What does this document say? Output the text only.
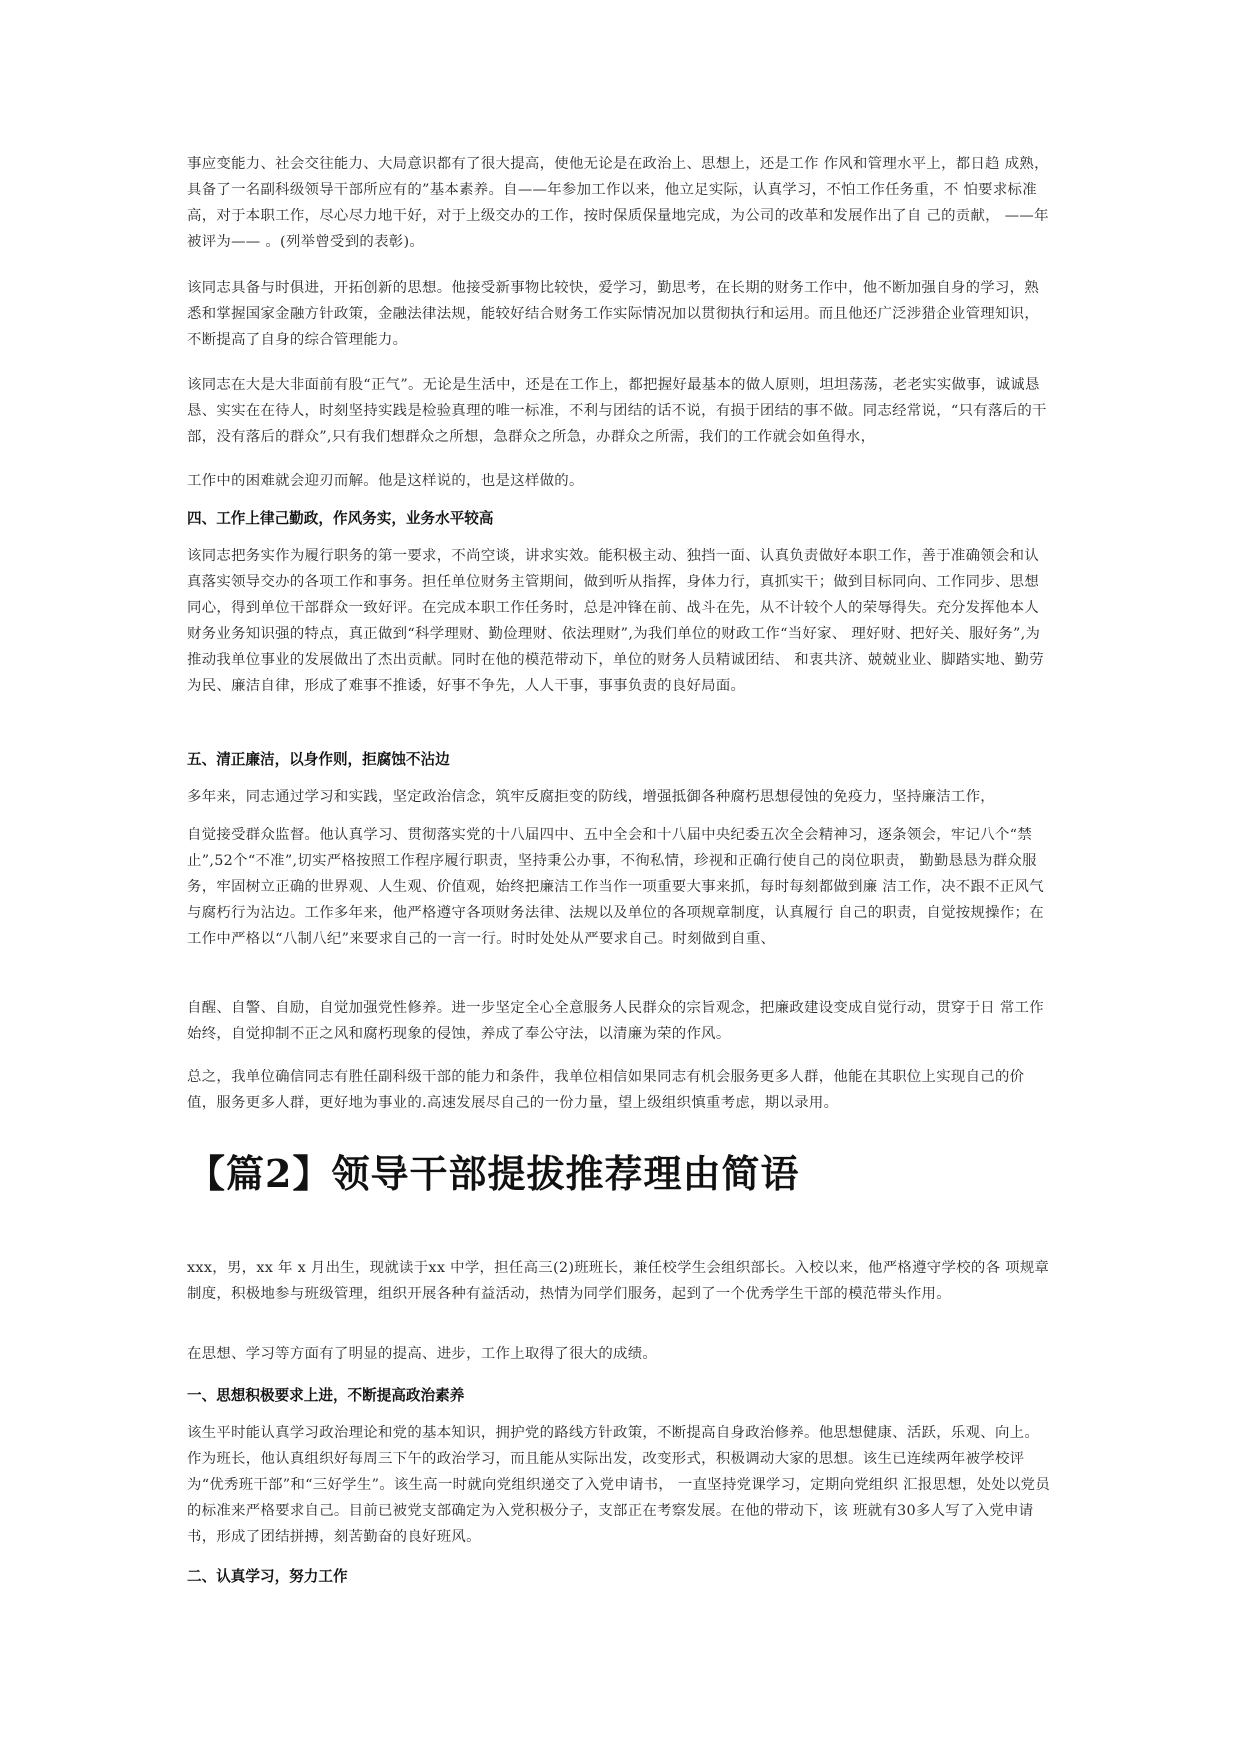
事应变能力、社会交往能力、大局意识都有了很大提高，使他无论是在政治上、思想上，还是工作 作风和管理水平上，都日趋 成熟，具备了一名副科级领导干部所应有的”基本素养。自——年参加工作以来，他立足实际，认真学习，不怕工作任务重，不 怕要求标准高，对于本职工作，尽心尽力地干好，对于上级交办的工作，按时保质保量地完成，为公司的改革和发展作出了自 己的贡献， ——年被评为—— 。(列举曾受到的表彰)。

该同志具备与时俱进，开拓创新的思想。他接受新事物比较快，爱学习，勤思考，在长期的财务工作中，他不断加强自身的学习，熟悉和掌握国家金融方针政策，金融法律法规，能较好结合财务工作实际情况加以贯彻执行和运用。而且他还广泛涉猎企业管理知识，不断提高了自身的综合管理能力。

该同志在大是大非面前有股“正气”。无论是生活中，还是在工作上，都把握好最基本的做人原则，坦坦荡荡，老老实实做事，诚诚恳恳、实实在在待人，时刻坚持实践是检验真理的唯一标准，不利与团结的话不说，有损于团结的事不做。同志经常说，“只有落后的干部，没有落后的群众”,只有我们想群众之所想，急群众之所急，办群众之所需，我们的工作就会如鱼得水，

工作中的困难就会迎刃而解。他是这样说的，也是这样做的。

四、工作上律己勤政，作风务实，业务水平较高

该同志把务实作为履行职务的第一要求，不尚空谈，讲求实效。能积极主动、独挡一面、认真负责做好本职工作，善于准确领会和认真落实领导交办的各项工作和事务。担任单位财务主管期间，做到听从指挥，身体力行，真抓实干；做到目标同向、工作同步、思想同心，得到单位干部群众一致好评。在完成本职工作任务时，总是冲锋在前、战斗在先，从不计较个人的荣辱得失。充分发挥他本人财务业务知识强的特点，真正做到“科学理财、勤俭理财、依法理财”,为我们单位的财政工作“当好家、 理好财、把好关、服好务”,为推动我单位事业的发展做出了杰出贡献。同时在他的模范带动下，单位的财务人员精诚团结、 和衷共济、兢兢业业、脚踏实地、勤劳为民、廉洁自律，形成了难事不推诿，好事不争先，人人干事，事事负责的良好局面。

五、清正廉洁，以身作则，拒腐蚀不沾边

多年来，同志通过学习和实践，坚定政治信念，筑牢反腐拒变的防线，增强抵御各种腐朽思想侵蚀的免疫力，坚持廉洁工作，

自觉接受群众监督。他认真学习、贯彻落实党的十八届四中、五中全会和十八届中央纪委五次全会精神习，逐条领会，牢记八个“禁止”,52个“不准”,切实严格按照工作程序履行职责，坚持秉公办事，不徇私情，珍视和正确行使自己的岗位职责， 勤勤恳恳为群众服务，牢固树立正确的世界观、人生观、价值观，始终把廉洁工作当作一项重要大事来抓，每时每刻都做到廉 洁工作，决不跟不正风气与腐朽行为沾边。工作多年来，他严格遵守各项财务法律、法规以及单位的各项规章制度，认真履行 自己的职责，自觉按规操作；在工作中严格以“八制八纪”来要求自己的一言一行。时时处处从严要求自己。时刻做到自重、

自醒、自警、自励，自觉加强党性修养。进一步坚定全心全意服务人民群众的宗旨观念，把廉政建设变成自觉行动，贯穿于日 常工作始终，自觉抑制不正之风和腐朽现象的侵蚀，养成了奉公守法，以清廉为荣的作风。

总之，我单位确信同志有胜任副科级干部的能力和条件，我单位相信如果同志有机会服务更多人群，他能在其职位上实现自己的价值，服务更多人群，更好地为事业的.高速发展尽自己的一份力量，望上级组织慎重考虑，期以录用。

【篇2】领导干部提拔推荐理由简语

xxx，男，xx 年 x 月出生，现就读于xx 中学，担任高三(2)班班长，兼任校学生会组织部长。入校以来，他严格遵守学校的各 项规章制度，积极地参与班级管理，组织开展各种有益活动，热情为同学们服务，起到了一个优秀学生干部的模范带头作用。

在思想、学习等方面有了明显的提高、进步，工作上取得了很大的成绩。

一、思想积极要求上进，不断提高政治素养

该生平时能认真学习政治理论和党的基本知识，拥护党的路线方针政策，不断提高自身政治修养。他思想健康、活跃，乐观、向上。作为班长，他认真组织好每周三下午的政治学习，而且能从实际出发，改变形式，积极调动大家的思想。该生已连续两年被学校评为“优秀班干部”和“三好学生”。该生高一时就向党组织递交了入党申请书， 一直坚持党课学习，定期向党组织 汇报思想，处处以党员的标准来严格要求自己。目前已被党支部确定为入党积极分子，支部正在考察发展。在他的带动下，该 班就有30多人写了入党申请书，形成了团结拼搏，刻苦勤奋的良好班风。

二、认真学习，努力工作
